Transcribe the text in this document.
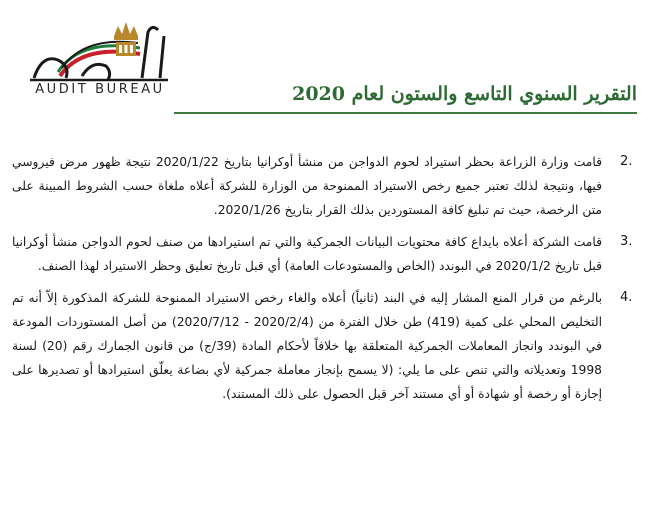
AUDIT BUREAU	التقرير السنوي التاسع والستون لعام 2020
2.
قامت وزارة الزراعة بحظر استيراد لحوم الدواجن من منشأ أوكرانيا بتاريخ 2020/1/22 نتيجة ظهور مرض فيروسي فيها، ونتيجة لذلك تعتبر جميع رخص الاستيراد الممنوحة من الوزارة للشركة أعلاه ملغاة حسب الشروط المبينة على متن الرخصة، حيث تم تبليغ كافة المستوردين بذلك القرار بتاريخ 2020/1/26.
3.
قامت الشركة أعلاه بايداع كافة محتويات البيانات الجمركية والتي تم استيرادها من صنف لحوم الدواجن منشأ أوكرانيا قبل تاريخ 2020/1/2 في البوندد (الخاص والمستودعات العامة) أي قبل تاريخ تعليق وحظر الاستيراد لهذا الصنف.
4.
بالرغم من قرار المنع المشار إليه في البند (ثانياً) أعلاه والغاء رخص الاستيراد الممنوحة للشركة المذكورة إلاّ أنه تم التخليص المحلي على كمية (419) طن خلال الفترة من (2020/2/4 - 2020/7/12) من أصل المستوردات المودعة في البوندد وانجاز المعاملات الجمركية المتعلقة بها خلافاً لأحكام المادة (39/ج) من قانون الجمارك رقم (20) لسنة 1998 وتعديلاته والتي تنص على ما يلي: (لا يسمح بإنجاز معاملة جمركية لأي بضاعة يعلّق استيرادها أو تصديرها على إجازة أو رخصة أو شهادة أو أي مستند آخر قبل الحصول على ذلك المستند).
